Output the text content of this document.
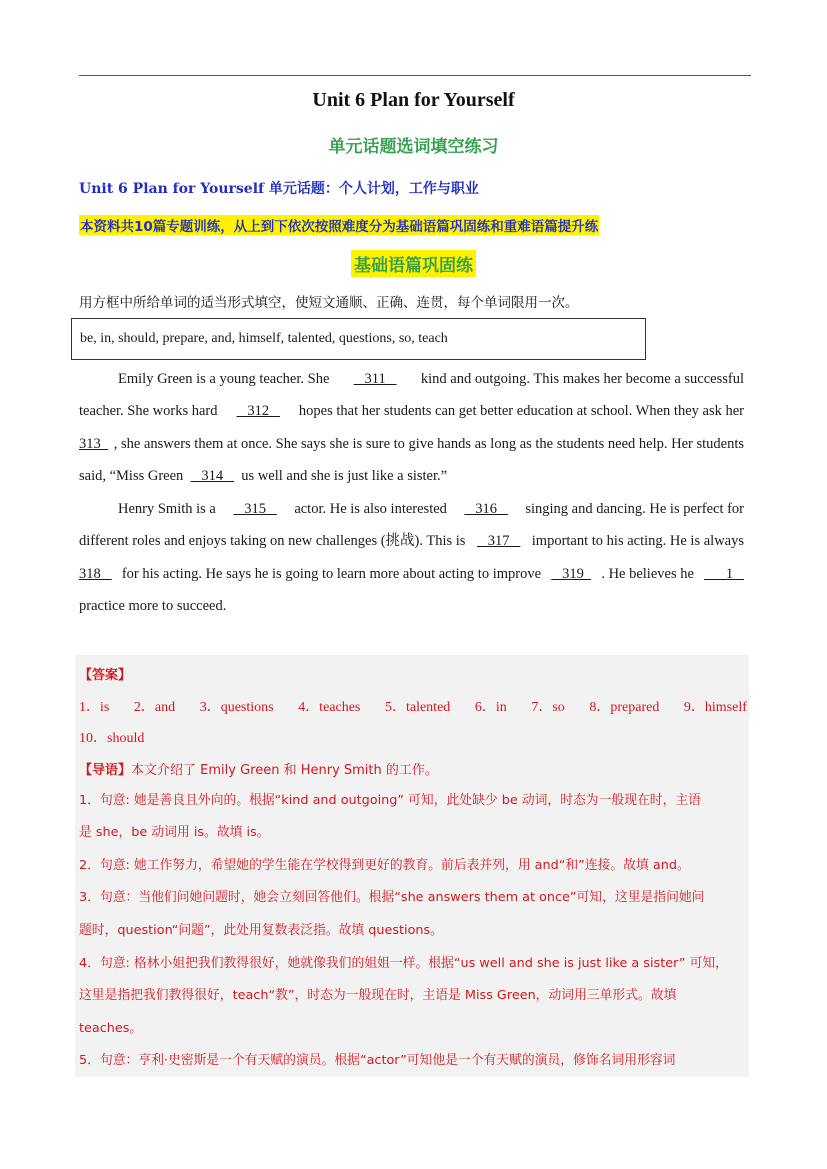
Unit 6 Plan for Yourself
单元话题选词填空练习
Unit 6 Plan for Yourself 单元话题：个人计划，工作与职业
本资料共10篇专题训练，从上到下依次按照难度分为基础语篇巩固练和重难语篇提升练
基础语篇巩固练
用方框中所给单词的适当形式填空，使短文通顺、正确、连贯，每个单词限用一次。
be, in, should, prepare, and, himself, talented, questions, so, teach
Emily Green is a young teacher. She 311 kind and outgoing. This makes her become a successful
teacher. She works hard 312 hopes that her students can get better education at school. When they ask her
313 , she answers them at once. She says she is sure to give hands as long as the students need help. Her students
said, “Miss Green
314
us well and she is just like a sister.”
Henry Smith is a 315 actor. He is also interested 316 singing and dancing. He is perfect for
different roles and enjoys taking on new challenges (挑战). This is 317 important to his acting. He is always
318 for his acting. He says he is going to learn more about acting to improve 319 . He believes he 1
practice more to succeed.
【答案】
1．is 2．and 3．questions 4．teaches 5．talented 6．in 7．so 8．prepared 9．himself
10．should
【导语】本文介绍了 Emily Green 和 Henry Smith 的工作。
1．句意: 她是善良且外向的。根据“kind and outgoing” 可知，此处缺少 be 动词，时态为一般现在时，主语
是 she，be 动词用 is。故填 is。
2．句意: 她工作努力，希望她的学生能在学校得到更好的教育。前后表并列，用 and“和”连接。故填 and。
3．句意：当他们问她问题时，她会立刻回答他们。根据“she answers them at once”可知，这里是指问她问
题时，question“问题”，此处用复数表泛指。故填 questions。
4．句意: 格林小姐把我们教得很好，她就像我们的姐姐一样。根据“us well and she is just like a sister” 可知，
这里是指把我们教得很好，teach“教”，时态为一般现在时，主语是 Miss Green，动词用三单形式。故填
teaches。
5．句意：亨利·史密斯是一个有天赋的演员。根据“actor”可知他是一个有天赋的演员，修饰名词用形容词
